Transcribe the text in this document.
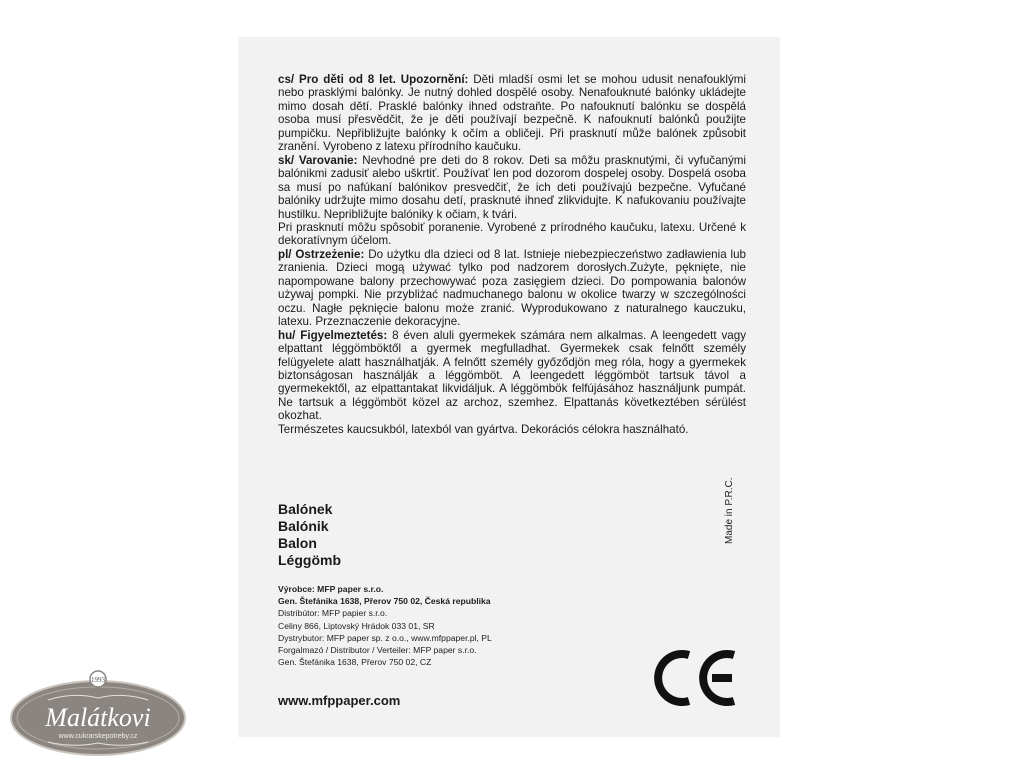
cs/ Pro děti od 8 let. Upozornění: Děti mladší osmi let se mohou udusit nenafouklými nebo prasklými balónky. Je nutný dohled dospělé osoby. Nenafouknuté balónky ukládejte mimo dosah dětí. Prasklé balónky ihned odstraňte. Po nafouknutí balónku se dospělá osoba musí přesvědčit, že je děti používají bezpečně. K nafouknutí balónků použijte pumpičku. Nepřibližujte balónky k očím a obličeji. Při prasknutí může balónek způsobit zranění. Vyrobeno z latexu přírodního kaučuku.

sk/ Varovanie: Nevhodné pre deti do 8 rokov. Deti sa môžu prasknutými, či vyfučanými balónikmi zadusiť alebo uškrtiť. Používať len pod dozorom dospelej osoby. Dospelá osoba sa musí po nafúkaní balónikov presvedčiť, že ich deti používajú bezpečne. Vyfučané balóniky udržujte mimo dosahu detí, prasknuté ihneď zlikvidujte. K nafukovaniu používajte hustilku. Nepribližujte balóniky k očiam, k tvári.

Pri prasknutí môžu spôsobiť poranenie. Vyrobené z prírodného kaučuku, latexu. Určené k dekoratívnym účelom.

pl/ Ostrzeżenie: Do użytku dla dzieci od 8 lat. Istnieje niebezpieczeństwo zadławienia lub zranienia. Dzieci mogą używać tylko pod nadzorem dorosłych.Zużyte, pęknięte, nie napompowane balony przechowywać poza zasięgiem dzieci. Do pompowania balonów używaj pompki. Nie przybliżać nadmuchanego balonu w okolice twarzy w szczególności oczu. Nagłe pęknięcie balonu może zranić. Wyprodukowano z naturalnego kauczuku, latexu. Przeznaczenie dekoracyjne.

hu/ Figyelmeztetés: 8 éven aluli gyermekek számára nem alkalmas. A leengedett vagy elpattant léggömböktől a gyermek megfulladhat. Gyermekek csak felnőtt személy felügyelete alatt használhatják. A felnőtt személy győződjön meg róla, hogy a gyermekek biztonságosan használják a léggömböt. A leengedett léggömböt tartsuk távol a gyermekektől, az elpattantakat likvidáljuk. A léggömbök felfújásához használjunk pumpát. Ne tartsuk a léggömböt közel az archoz, szemhez. Elpattanás következtében sérülést okozhat.

Természetes kaucsukból, latexból van gyártva. Dekorációs célokra használható.

Balónek
Balónik
Balon
Léggömb
Made in P.R.C.
Výrobce: MFP paper s.r.o.
Gen. Štefánika 1638, Přerov 750 02, Česká republika
Distribútor: MFP papier s.r.o.
Celiny 866, Liptovský Hrádok 033 01, SR
Dystrybutor: MFP paper sp. z o.o., www.mfppaper.pl, PL
Forgalmazó / Distributor / Verteiler: MFP paper s.r.o.
Gen. Štefánika 1638, Přerov 750 02, CZ
www.mfppaper.com
1993
Malátkovi
www.cukrarskepotreby.cz
